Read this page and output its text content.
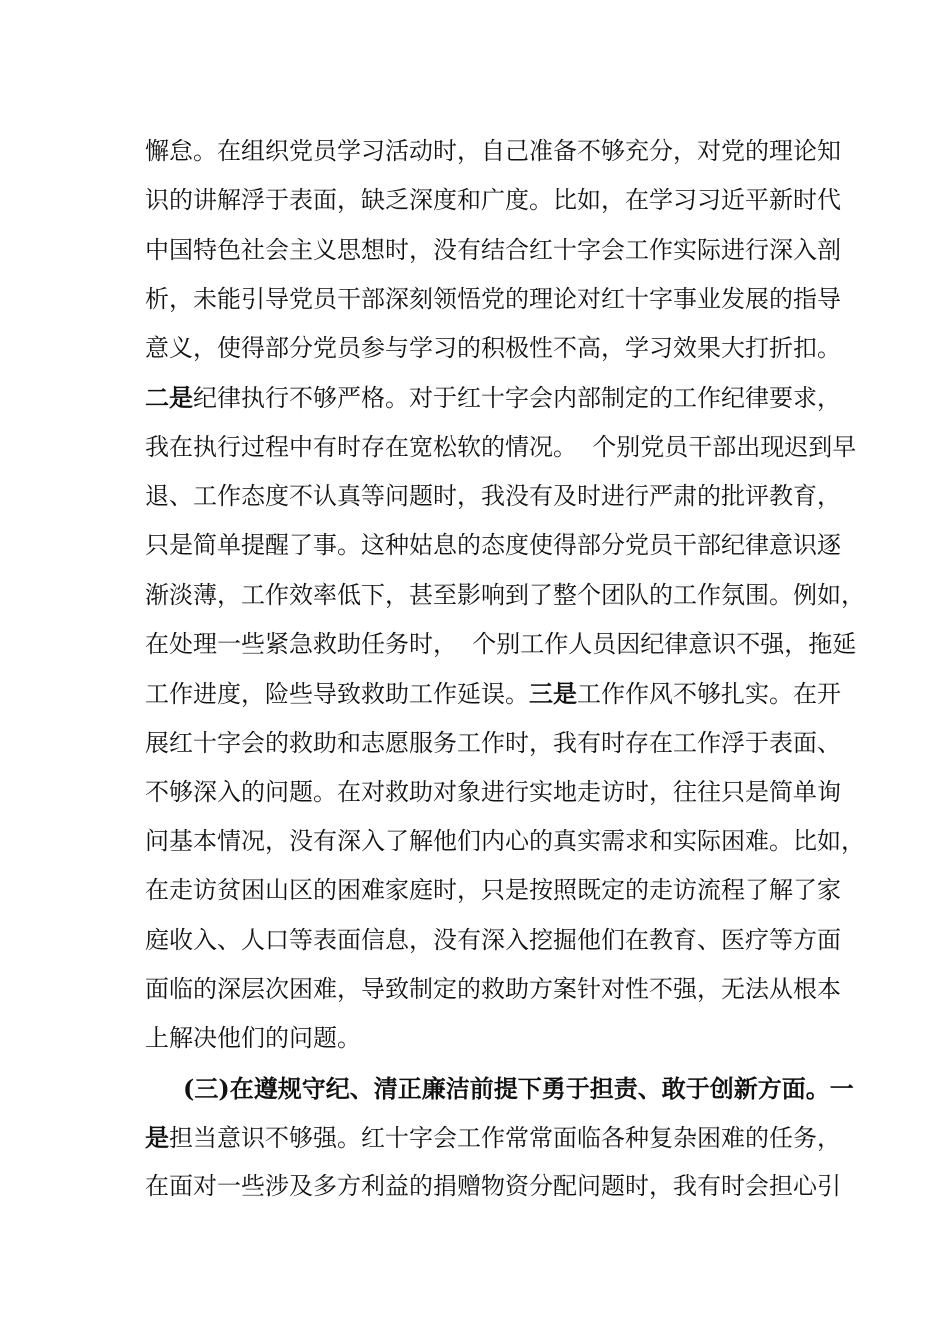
懈怠。在组织党员学习活动时，自己准备不够充分，对党的理论知
识的讲解浮于表面，缺乏深度和广度。比如，在学习习近平新时代
中国特色社会主义思想时，没有结合红十字会工作实际进行深入剖
析，未能引导党员干部深刻领悟党的理论对红十字事业发展的指导
意义，使得部分党员参与学习的积极性不高，学习效果大打折扣。
二是纪律执行不够严格。对于红十字会内部制定的工作纪律要求，
我在执行过程中有时存在宽松软的情况。  个别党员干部出现迟到早
退、工作态度不认真等问题时，我没有及时进行严肃的批评教育，
只是简单提醒了事。这种姑息的态度使得部分党员干部纪律意识逐
渐淡薄，工作效率低下，甚至影响到了整个团队的工作氛围。例如，
在处理一些紧急救助任务时，  个别工作人员因纪律意识不强，拖延
工作进度，险些导致救助工作延误。三是工作作风不够扎实。在开
展红十字会的救助和志愿服务工作时，我有时存在工作浮于表面、
不够深入的问题。在对救助对象进行实地走访时，往往只是简单询
问基本情况，没有深入了解他们内心的真实需求和实际困难。比如，
在走访贫困山区的困难家庭时，只是按照既定的走访流程了解了家
庭收入、人口等表面信息，没有深入挖掘他们在教育、医疗等方面
面临的深层次困难，导致制定的救助方案针对性不强，无法从根本
上解决他们的问题。
(三)在遵规守纪、清正廉洁前提下勇于担责、敢于创新方面。一
是担当意识不够强。红十字会工作常常面临各种复杂困难的任务，
在面对一些涉及多方利益的捐赠物资分配问题时，我有时会担心引
